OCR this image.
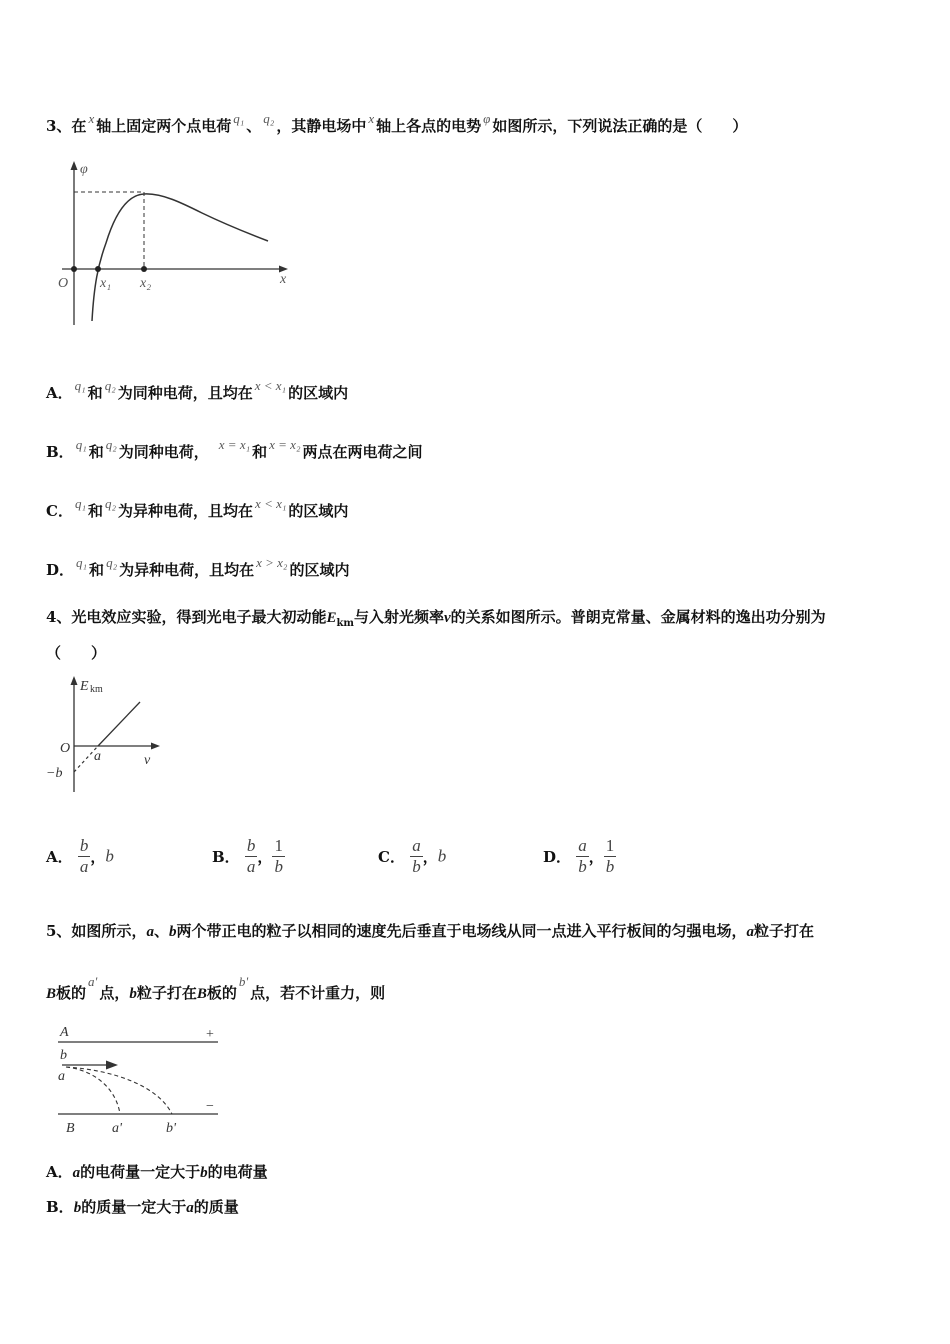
3、在 x 轴上固定两个点电荷 q₁ 、 q₂ ，其静电场中 x 轴上各点的电势 φ 如图所示，下列说法正确的是（　　）
φ
O x₁ x₂	x
A． q₁ 和 q₂ 为同种电荷，且均在 x < x₁ 的区域内
B． q₁ 和 q₂ 为同种电荷， x = x₁ 和 x = x₂ 两点在两电荷之间
C． q₁ 和 q₂ 为异种电荷，且均在 x < x₁ 的区域内
D． q₁ 和 q₂ 为异种电荷，且均在 x > x₂ 的区域内
4、光电效应实验，得到光电子最大初动能$E_{km}$与入射光频率v的关系如图所示。普朗克常量、金属材料的逸出功分别为
（　　）
E km
O
a
−b
v
A． $\frac{b}{a}$ ，b	B． $\frac{b}{a}$ ， $\frac{1}{b}$	C． $\frac{a}{b}$ ，b	D． $\frac{a}{b}$ ， $\frac{1}{b}$
5、如图所示，a、b两个带正电的粒子以相同的速度先后垂直于电场线从同一点进入平行板间的匀强电场，a粒子打在
B板的a'点，b粒子打在B板的b'点，若不计重力，则
A	+
b
a
−
B	a'	b'
A．a的电荷量一定大于b的电荷量
B．b的质量一定大于a的质量
